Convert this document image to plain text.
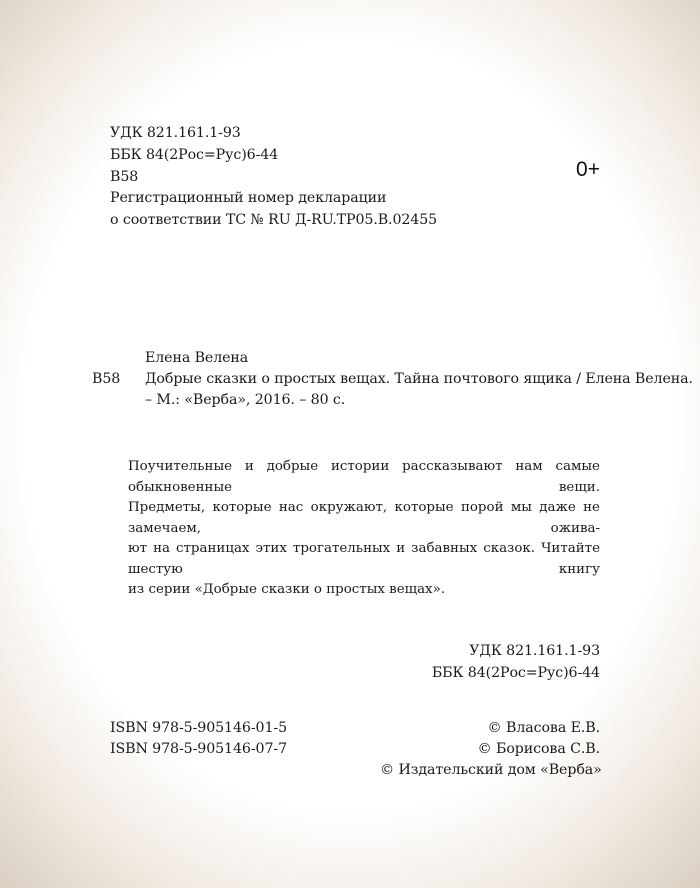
УДК 821.161.1-93
ББК 84(2Рос=Рус)6-44
В58
Регистрационный номер декларации
о соответствии ТС № RU Д-RU.ТР05.В.02455
0+
Елена Велена
В58 Добрые сказки о простых вещах. Тайна почтового ящика / Елена Велена.
– М.: «Верба», 2016. – 80 с.
Поучительные и добрые истории рассказывают нам самые обыкновенные вещи.
Предметы, которые нас окружают, которые порой мы даже не замечаем, ожива-
ют на страницах этих трогательных и забавных сказок. Читайте шестую книгу
из серии «Добрые сказки о простых вещах».
УДК 821.161.1-93
ББК 84(2Рос=Рус)6-44
ISBN 978-5-905146-01-5
ISBN 978-5-905146-07-7
© Власова Е.В.
© Борисова С.В.
© Издательский дом «Верба»
